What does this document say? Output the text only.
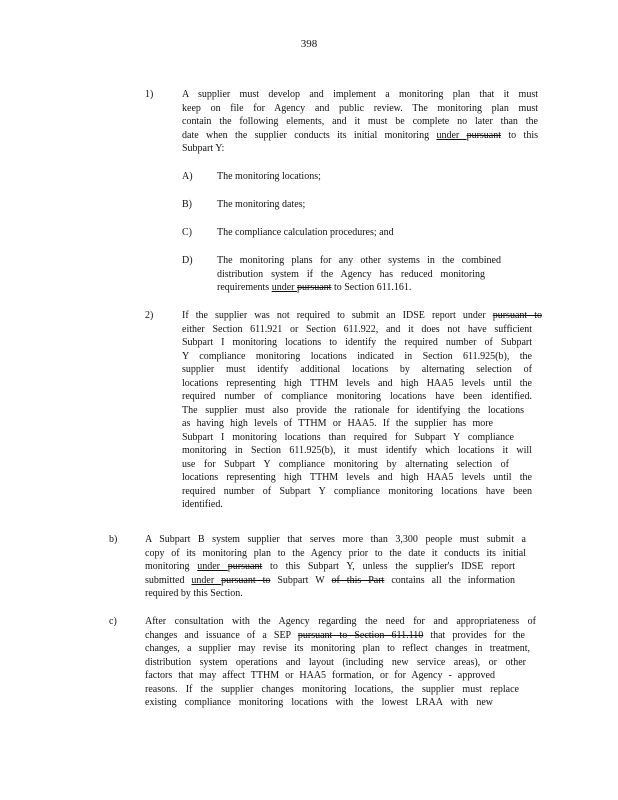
398
1)	A supplier must develop and implement a monitoring plan that it must
keep on file for Agency and public review. The monitoring plan must
contain the following elements, and it must be complete no later than the
date when the supplier conducts its initial monitoring under pursuant to this
Subpart Y:
A) The monitoring locations;
B)	The monitoring dates;
C)	The compliance calculation procedures; and
D) The monitoring plans for any other systems in the combined
distribution system if the Agency has reduced monitoring
requirements under pursuant to Section 611.161.
2)	If the supplier was not required to submit an IDSE report under pursuant to
either Section 611.921 or Section 611.922, and it does not have sufficient
Subpart I monitoring locations to identify the required number of Subpart
Y compliance monitoring locations indicated in Section 611.925(b), the
supplier must identify additional locations by alternating selection of
locations representing high TTHM levels and high HAA5 levels until the
required number of compliance monitoring locations have been identified.
The supplier must also provide the rationale for identifying the locations
as having high levels of TTHM or HAA5. If the supplier has more
Subpart I monitoring locations than required for Subpart Y compliance
monitoring in Section 611.925(b), it must identify which locations it will
use for Subpart Y compliance monitoring by alternating selection of
locations representing high TTHM levels and high HAA5 levels until the
required number of Subpart Y compliance monitoring locations have been
identified.
b)	A Subpart B system supplier that serves more than 3,300 people must submit a
copy of its monitoring plan to the Agency prior to the date it conducts its initial
monitoring under pursuant to this Subpart Y, unless the supplier's IDSE report
submitted under pursuant to Subpart W of this Part contains all the information
required by this Section.
c)	After consultation with the Agency regarding the need for and appropriateness of
changes and issuance of a SEP pursuant to Section 611.110 that provides for the
changes, a supplier may revise its monitoring plan to reflect changes in treatment,
distribution system operations and layout (including new service areas), or other
factors that may affect TTHM or HAA5 formation, or for Agency - approved
reasons. If the supplier changes monitoring locations, the supplier must replace
existing compliance monitoring locations with the lowest LRAA with new
